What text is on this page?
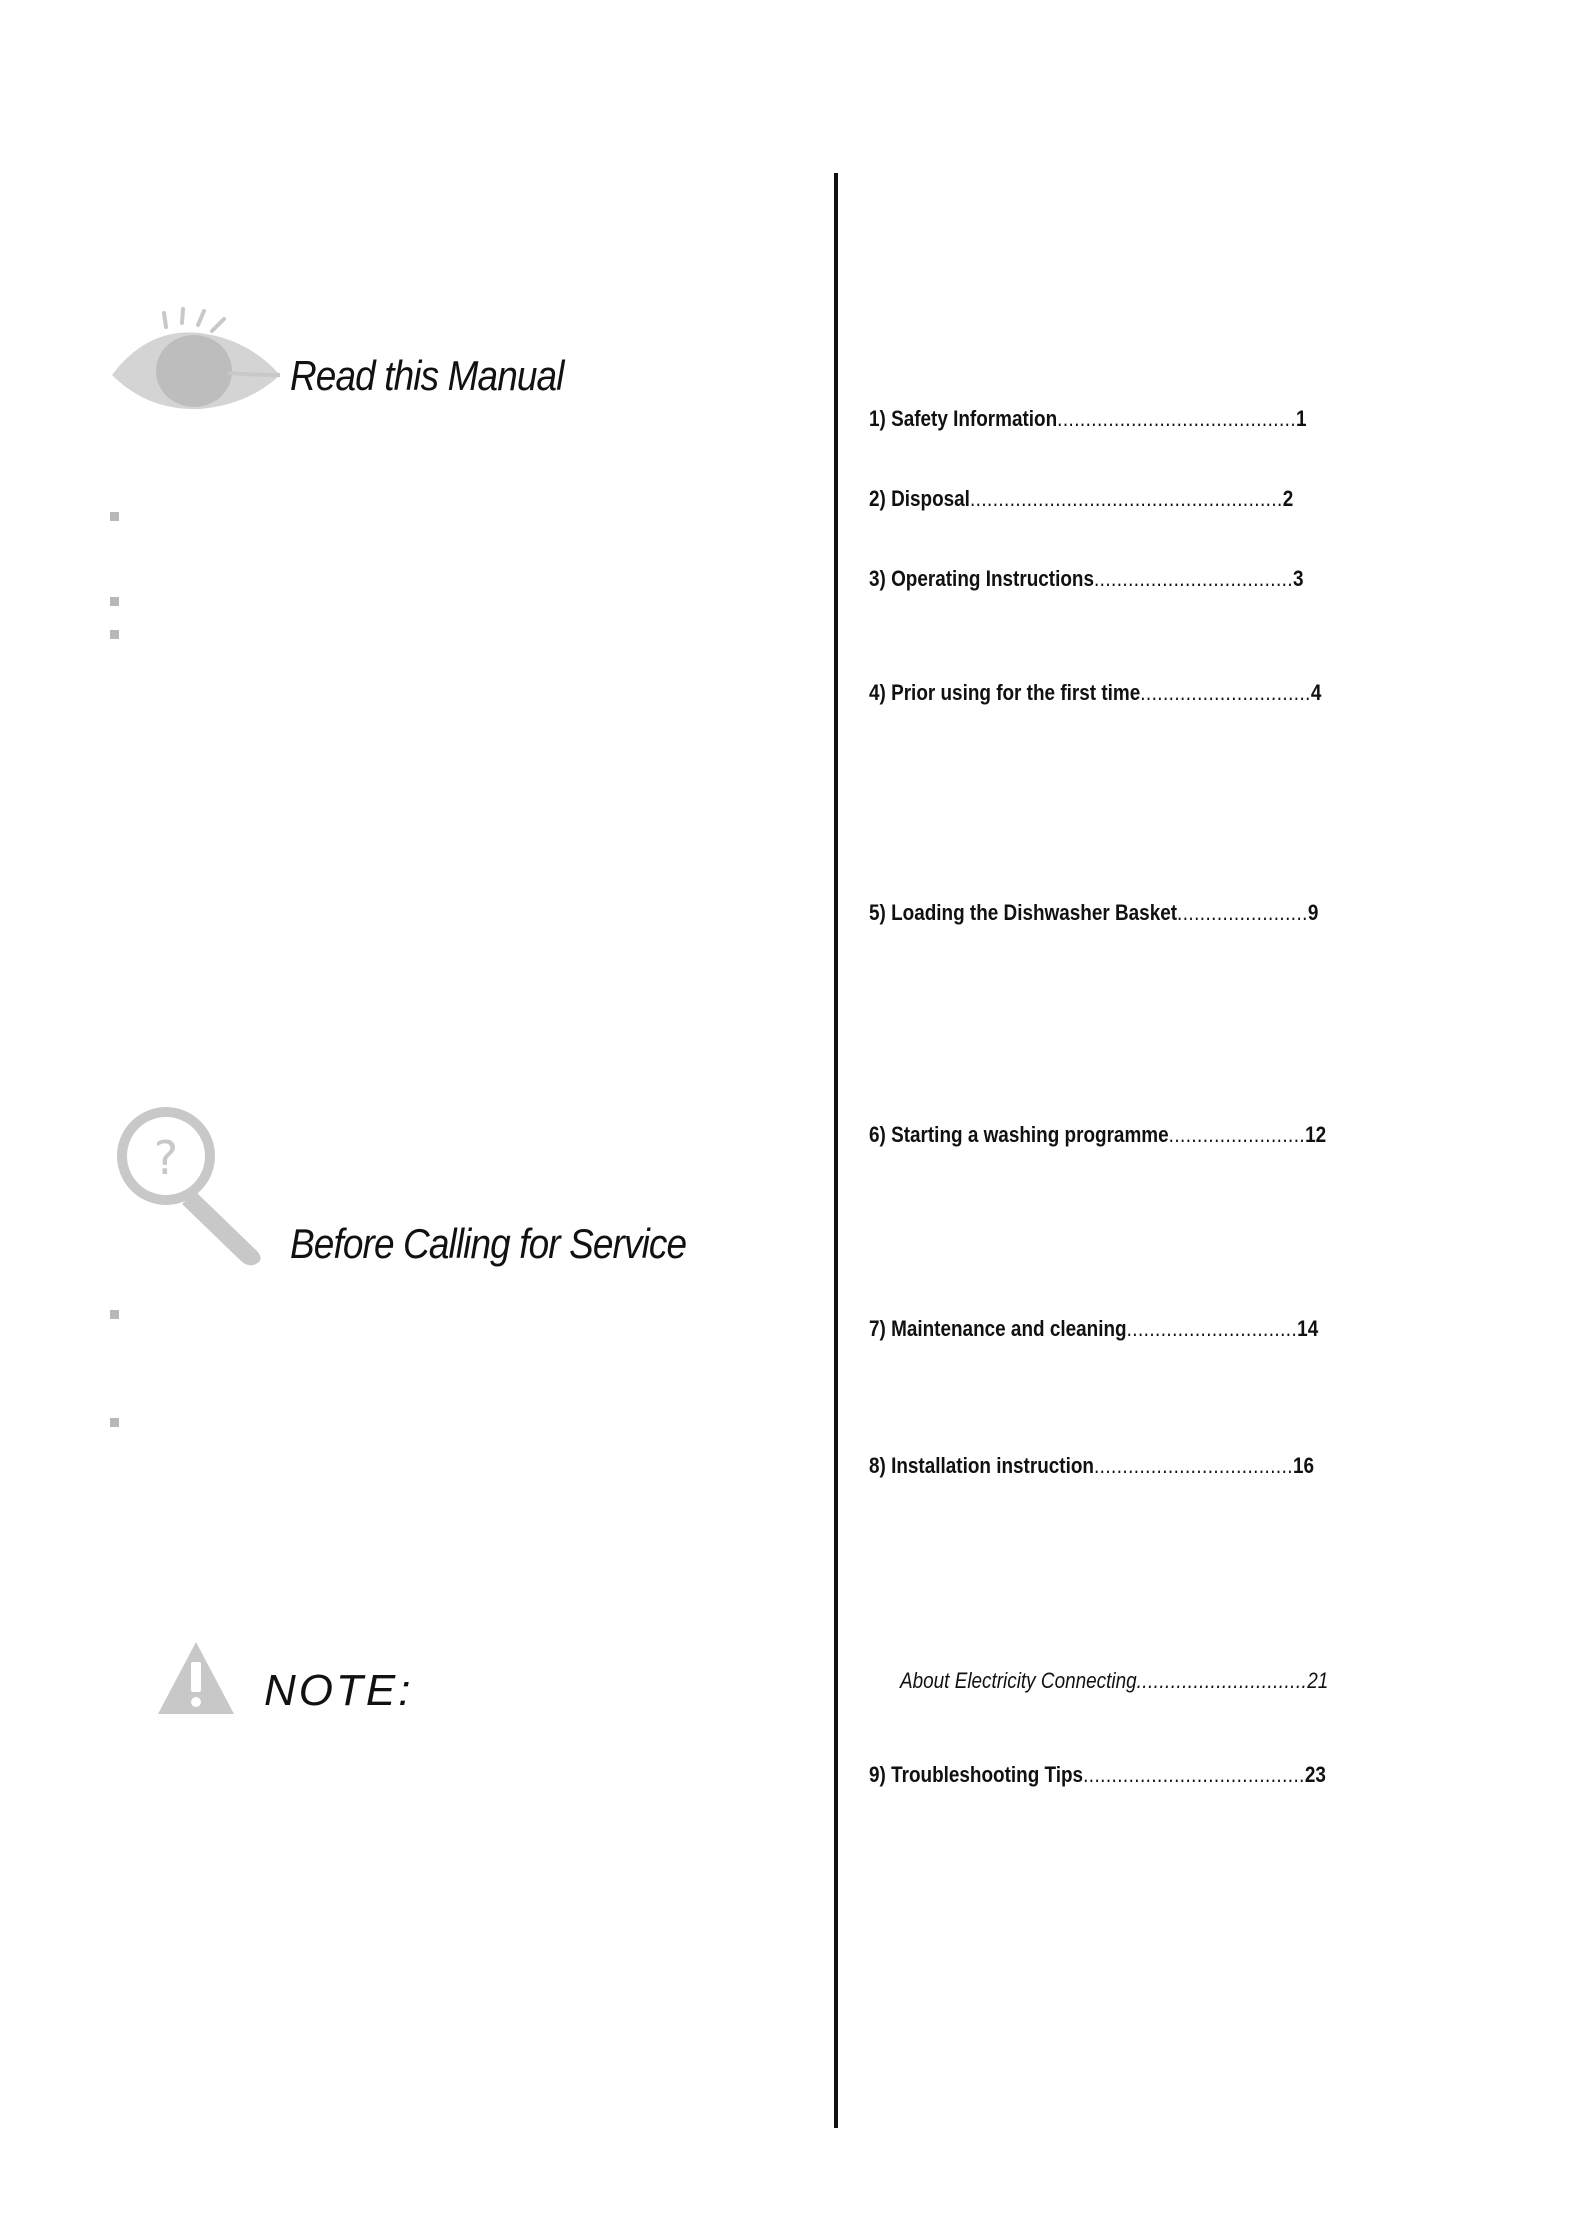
Read this Manual
?
Before Calling for Service
NOTE:
1) Safety Information..........................................1
2) Disposal.......................................................2
3) Operating Instructions...................................3
4) Prior using for the first time..............................4
5) Loading the Dishwasher Basket.......................9
6) Starting a washing programme........................12
7) Maintenance and cleaning..............................14
8) Installation instruction...................................16
About Electricity Connecting..............................21
9) Troubleshooting Tips.......................................23
